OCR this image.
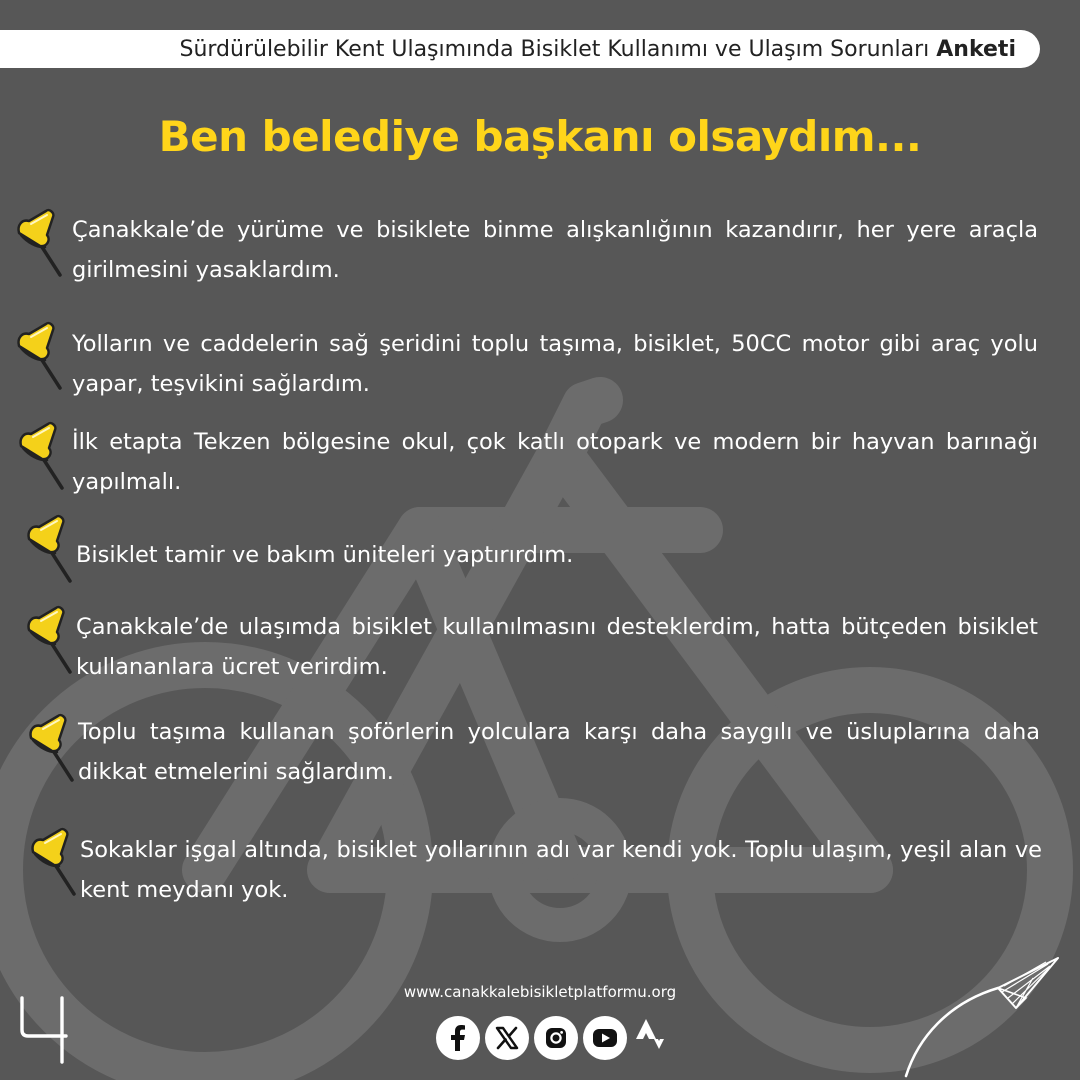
Sürdürülebilir Kent Ulaşımında Bisiklet Kullanımı ve Ulaşım Sorunları Anketi
Ben belediye başkanı olsaydım...
Çanakkale’de yürüme ve bisiklete binme alışkanlığının kazandırır, her yere araçla girilmesini yasaklardım.
Yolların ve caddelerin sağ şeridini toplu taşıma, bisiklet, 50CC motor gibi araç yolu yapar, teşvikini sağlardım.
İlk etapta Tekzen bölgesine okul, çok katlı otopark ve modern bir hayvan barınağı yapılmalı.
Bisiklet tamir ve bakım üniteleri yaptırırdım.
Çanakkale’de ulaşımda bisiklet kullanılmasını desteklerdim, hatta bütçeden bisiklet kullananlara ücret verirdim.
Toplu taşıma kullanan şoförlerin yolculara karşı daha saygılı ve üsluplarına daha dikkat etmelerini sağlardım.
Sokaklar işgal altında, bisiklet yollarının adı var kendi yok. Toplu ulaşım, yeşil alan ve kent meydanı yok.
www.canakkalebisikletplatformu.org
